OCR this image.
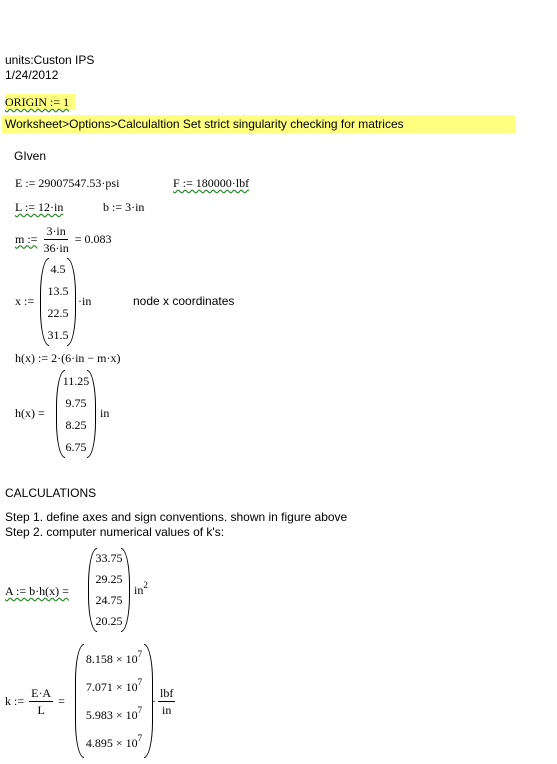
units:Custon IPS
1/24/2012
ORIGIN := 1
Worksheet>Options>Calculaltion Set strict singularity checking for matrices
GIven
E := 29007547.53·psi	F := 180000·lbf
L := 12·in	b := 3·in
m := $\frac{3\cdot in}{36\cdot in} = 0.083$
x :=
4.5
13.5
22.5
31.5
·in	node x coordinates
h(x) := 2·(6·in − m·x)
h(x) =
11.25
9.75
8.25
6.75
in
CALCULATIONS
Step 1. define axes and sign conventions. shown in figure above
Step 2. computer numerical values of k's:
A := b·h(x) =
33.75
29.25
24.75
20.25
$in^2$
k := $\frac{E\cdot A}{L}$ =
$8.158 \times 10^7$
$7.071 \times 10^7$
$5.983 \times 10^7$
$4.895 \times 10^7$
· $\frac{\text{lbf}}{in}$
